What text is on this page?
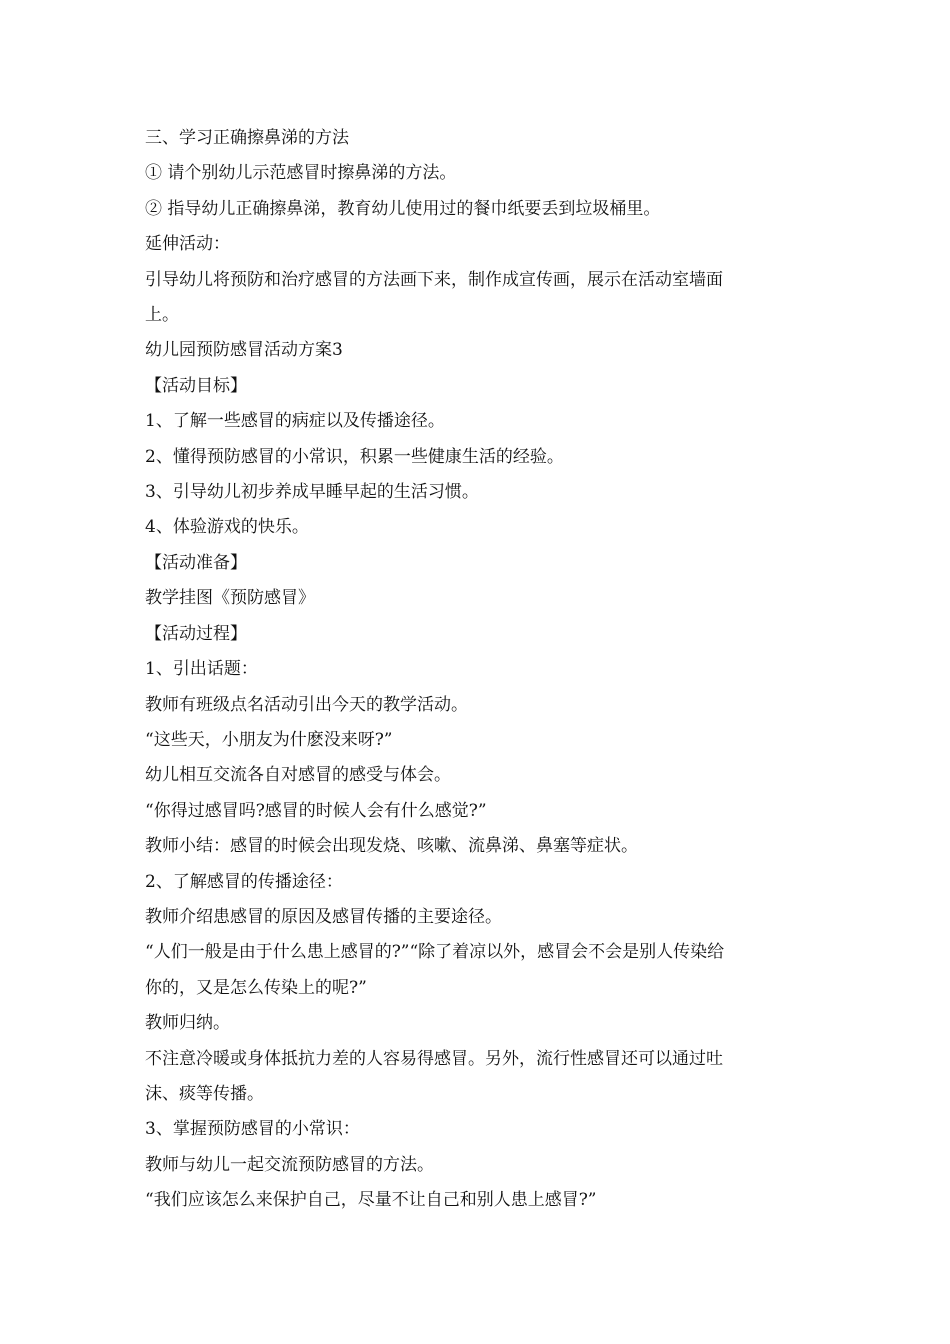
三、学习正确擦鼻涕的方法

① 请个别幼儿示范感冒时擦鼻涕的方法。

② 指导幼儿正确擦鼻涕，教育幼儿使用过的餐巾纸要丢到垃圾桶里。

延伸活动：

引导幼儿将预防和治疗感冒的方法画下来，制作成宣传画，展示在活动室墙面

上。

幼儿园预防感冒活动方案3

【活动目标】

1、了解一些感冒的病症以及传播途径。

2、懂得预防感冒的小常识，积累一些健康生活的经验。

3、引导幼儿初步养成早睡早起的生活习惯。

4、体验游戏的快乐。

【活动准备】

教学挂图《预防感冒》

【活动过程】

1、引出话题：

教师有班级点名活动引出今天的教学活动。

“这些天，小朋友为什麽没来呀?”

幼儿相互交流各自对感冒的感受与体会。

“你得过感冒吗?感冒的时候人会有什么感觉?”

教师小结：感冒的时候会出现发烧、咳嗽、流鼻涕、鼻塞等症状。

2、了解感冒的传播途径：

教师介绍患感冒的原因及感冒传播的主要途径。

“人们一般是由于什么患上感冒的?”“除了着凉以外，感冒会不会是别人传染给

你的，又是怎么传染上的呢?”

教师归纳。

不注意冷暖或身体抵抗力差的人容易得感冒。另外，流行性感冒还可以通过吐

沫、痰等传播。

3、掌握预防感冒的小常识：

教师与幼儿一起交流预防感冒的方法。

“我们应该怎么来保护自己，尽量不让自己和别人患上感冒?”
